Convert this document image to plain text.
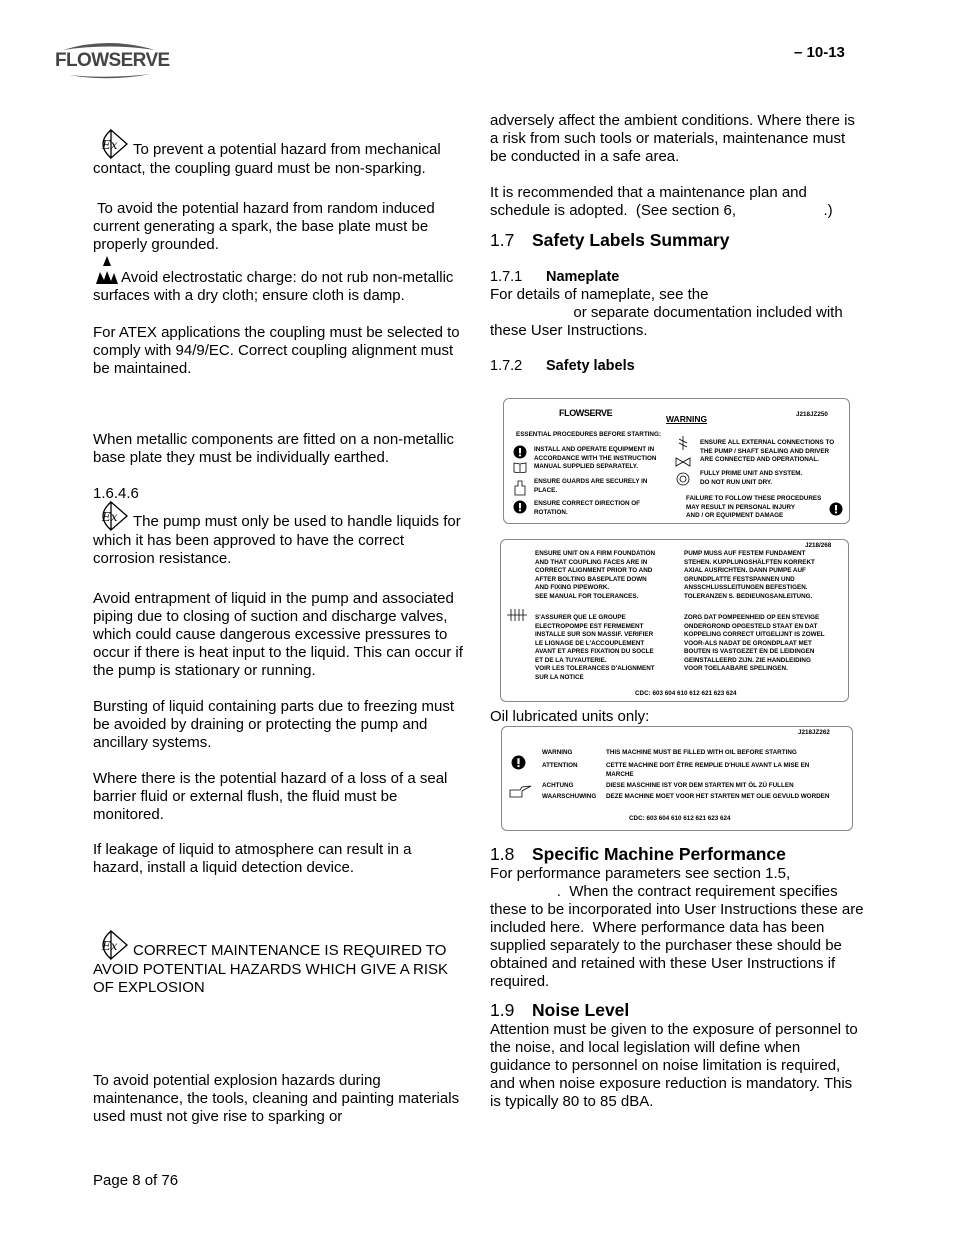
FLOWSERVE	– 10-13
Ex To prevent a potential hazard from mechanical contact, the coupling guard must be non-sparking.

To avoid the potential hazard from random induced current generating a spark, the base plate must be properly grounded.

Avoid electrostatic charge: do not rub non-metallic surfaces with a dry cloth; ensure cloth is damp.

For ATEX applications the coupling must be selected to comply with 94/9/EC. Correct coupling alignment must be maintained.

When metallic components are fitted on a non-metallic base plate they must be individually earthed.

1.6.4.6

Ex The pump must only be used to handle liquids for which it has been approved to have the correct corrosion resistance.

Avoid entrapment of liquid in the pump and associated piping due to closing of suction and discharge valves, which could cause dangerous excessive pressures to occur if there is heat input to the liquid. This can occur if the pump is stationary or running.

Bursting of liquid containing parts due to freezing must be avoided by draining or protecting the pump and ancillary systems.

Where there is the potential hazard of a loss of a seal barrier fluid or external flush, the fluid must be monitored.

If leakage of liquid to atmosphere can result in a hazard, install a liquid detection device.

Ex CORRECT MAINTENANCE IS REQUIRED TO AVOID POTENTIAL HAZARDS WHICH GIVE A RISK OF EXPLOSION

To avoid potential explosion hazards during maintenance, the tools, cleaning and painting materials used must not give rise to sparking or

Page 8 of 76

adversely affect the ambient conditions. Where there is a risk from such tools or materials, maintenance must be conducted in a safe area.

It is recommended that a maintenance plan and schedule is adopted.  (See section 6,                     .)

1.7 Safety Labels Summary
1.7.1 Nameplate

For details of nameplate, see the
or separate documentation included with these User Instructions.

1.7.2 Safety labels
FLOWSERVE
WARNING	J218JZ250
ESSENTIAL PROCEDURES BEFORE STARTING:
INSTALL AND OPERATE EQUIPMENT IN
ACCORDANCE WITH THE INSTRUCTION
MANUAL SUPPLIED SEPARATELY.
ENSURE GUARDS ARE SECURELY IN
PLACE.
ENSURE CORRECT DIRECTION OF
ROTATION.
ENSURE ALL EXTERNAL CONNECTIONS TO
THE PUMP / SHAFT SEALING AND DRIVER
ARE CONNECTED AND OPERATIONAL.
FULLY PRIME UNIT AND SYSTEM.
DO NOT RUN UNIT DRY.
FAILURE TO FOLLOW THESE PROCEDURES
MAY RESULT IN PERSONAL INJURY
AND / OR EQUIPMENT DAMAGE
J218/268
ENSURE UNIT ON A FIRM FOUNDATION
AND THAT COUPLING FACES ARE IN
CORRECT ALIGNMENT PRIOR TO AND
AFTER BOLTING BASEPLATE DOWN
AND FIXING PIPEWORK.
SEE MANUAL FOR TOLERANCES.
S'ASSURER QUE LE GROUPE
ELECTROPOMPE EST FERMEMENT
INSTALLE SUR SON MASSIF. VERIFIER
LE LIGNAGE DE L'ACCOUPLEMENT
AVANT ET APRES FIXATION DU SOCLE
ET DE LA TUYAUTERIE.
VOIR LES TOLERANCES D'ALIGNMENT
SUR LA NOTICE
PUMP MUSS AUF FESTEM FUNDAMENT
STEHEN. KUPPLUNGSHÄLFTEN KORREKT
AXIAL AUSRICHTEN. DANN PUMPE AUF
GRUNDPLATTE FESTSPANNEN UND
ANSSCHLUSSLEITUNGEN BEFESTIGEN.
TOLERANZEN S. BEDIEUNGSANLEITUNG.
ZORG DAT POMPEENHEID OP EEN STEVIGE
ONDERGROND OPGESTELD STAAT EN DAT
KOPPELING CORRECT UITGELIJNT IS ZOWEL
VOOR-ALS NADAT DE GRONDPLAAT MET
BOUTEN IS VASTGEZET EN DE LEIDINGEN
GEINSTALLEERD ZIJN. ZIE HANDLEIDING
VOOR TOELAABARE SPELINGEN.
CDC: 603 604 610 612 621 623 624

Oil lubricated units only:

J218JZ262
WARNING
ATTENTION
ACHTUNG
WAARSCHUWING
THIS MACHINE MUST BE FILLED WITH OIL BEFORE STARTING
CETTE MACHINE DOIT ÊTRE REMPLIE D'HUILE AVANT LA MISE EN
MARCHE
DIESE MASCHINE IST VOR DEM STARTEN MIT ÖL ZÜ FULLEN
DEZE MACHINE MOET VOOR HET STARTEN MET OLIE GEVULD WORDEN
CDC: 603 604 610 612 621 623 624
1.8 Specific Machine Performance

For performance parameters see section 1.5,
.  When the contract requirement specifies these to be incorporated into User Instructions these are included here.  Where performance data has been supplied separately to the purchaser these should be obtained and retained with these User Instructions if required.

1.9 Noise Level

Attention must be given to the exposure of personnel to the noise, and local legislation will define when guidance to personnel on noise limitation is required, and when noise exposure reduction is mandatory. This is typically 80 to 85 dBA.
